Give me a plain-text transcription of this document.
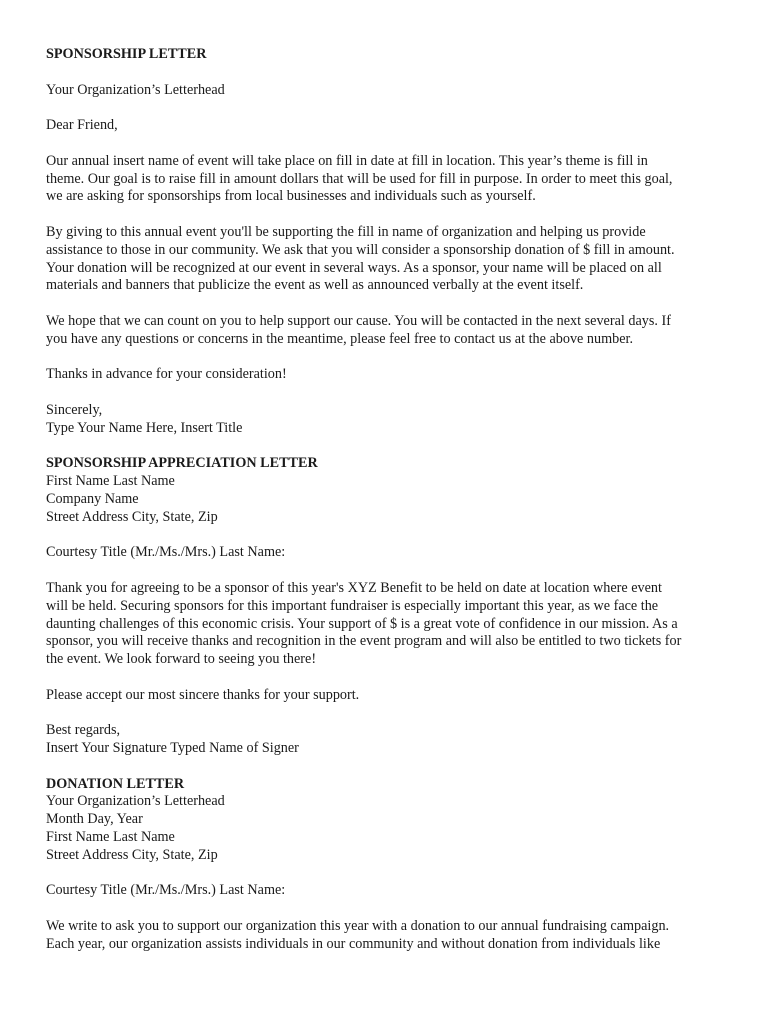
SPONSORSHIP LETTER
Your Organization’s Letterhead
Dear Friend,
Our annual insert name of event will take place on fill in date at fill in location. This year’s theme is fill in
theme. Our goal is to raise fill in amount dollars that will be used for fill in purpose. In order to meet this goal,
we are asking for sponsorships from local businesses and individuals such as yourself.
By giving to this annual event you'll be supporting the fill in name of organization and helping us provide
assistance to those in our community. We ask that you will consider a sponsorship donation of $ fill in amount.
Your donation will be recognized at our event in several ways. As a sponsor, your name will be placed on all
materials and banners that publicize the event as well as announced verbally at the event itself.
We hope that we can count on you to help support our cause. You will be contacted in the next several days. If
you have any questions or concerns in the meantime, please feel free to contact us at the above number.
Thanks in advance for your consideration!
Sincerely,
Type Your Name Here, Insert Title
SPONSORSHIP APPRECIATION LETTER
First Name Last Name
Company Name
Street Address City, State, Zip
Courtesy Title (Mr./Ms./Mrs.) Last Name:
Thank you for agreeing to be a sponsor of this year's XYZ Benefit to be held on date at location where event
will be held. Securing sponsors for this important fundraiser is especially important this year, as we face the
daunting challenges of this economic crisis. Your support of $ is a great vote of confidence in our mission. As a
sponsor, you will receive thanks and recognition in the event program and will also be entitled to two tickets for
the event. We look forward to seeing you there!
Please accept our most sincere thanks for your support.
Best regards,
Insert Your Signature Typed Name of Signer
DONATION LETTER
Your Organization’s Letterhead
Month Day, Year
First Name Last Name
Street Address City, State, Zip
Courtesy Title (Mr./Ms./Mrs.) Last Name:
We write to ask you to support our organization this year with a donation to our annual fundraising campaign.
Each year, our organization assists individuals in our community and without donation from individuals like
